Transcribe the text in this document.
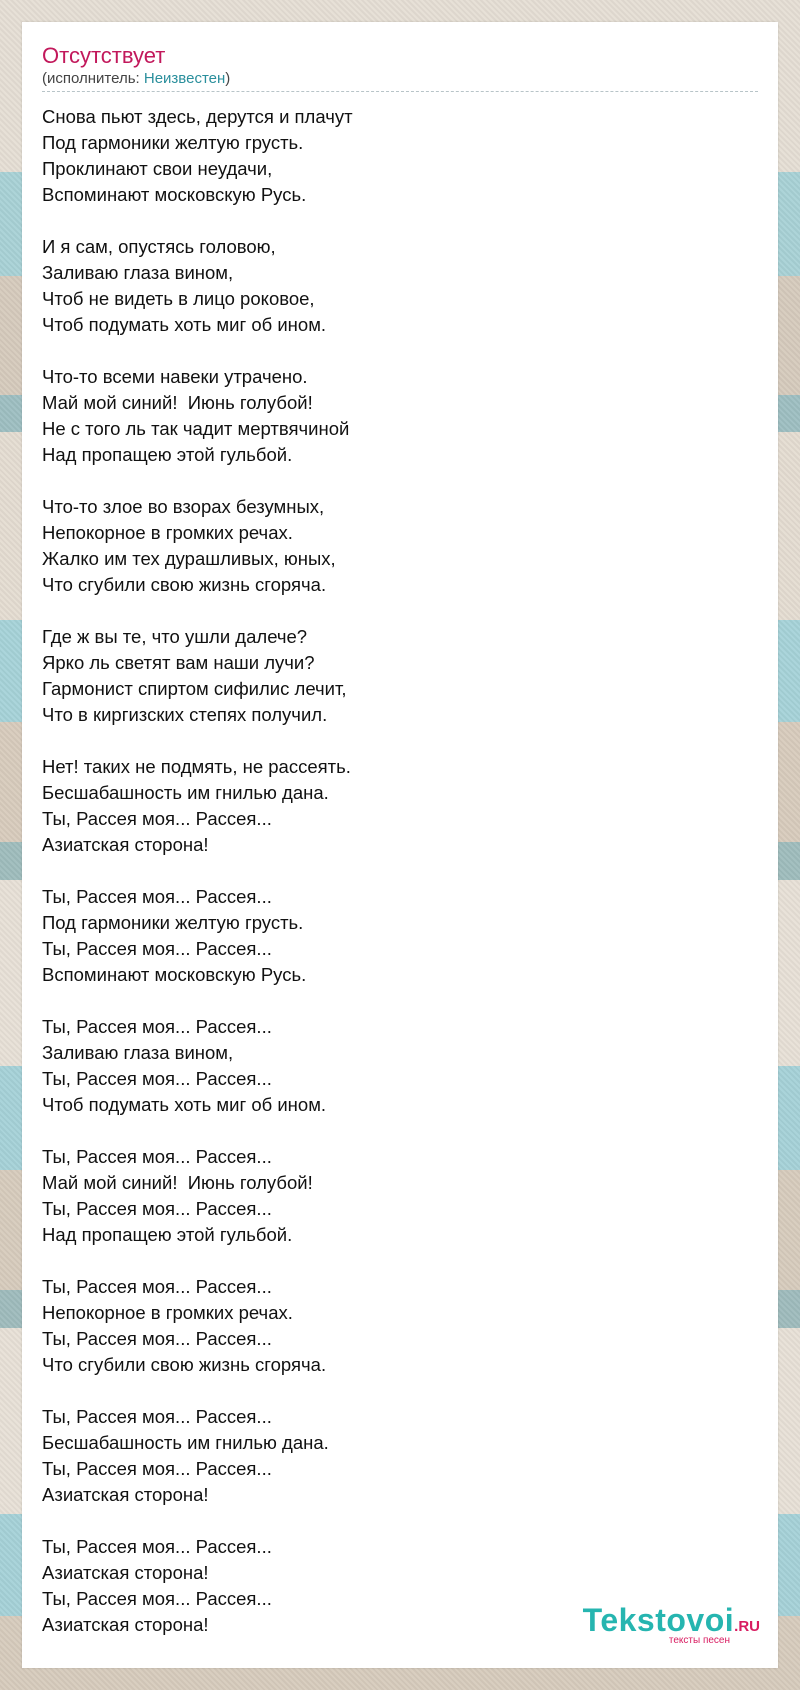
Отсутствует
(исполнитель: Неизвестен)
Снова пьют здесь, дерутся и плачут
Под гармоники желтую грусть.
Проклинают свои неудачи,
Вспоминают московскую Русь.
И я сам, опустясь головою,
Заливаю глаза вином,
Чтоб не видеть в лицо роковое,
Чтоб подумать хоть миг об ином.
Что-то всеми навеки утрачено.
Май мой синий!  Июнь голубой!
Не с того ль так чадит мертвячиной
Над пропащею этой гульбой.
Что-то злое во взорах безумных,
Непокорное в громких речах.
Жалко им тех дурашливых, юных,
Что сгубили свою жизнь сгоряча.
Где ж вы те, что ушли далече?
Ярко ль светят вам наши лучи?
Гармонист спиртом сифилис лечит,
Что в киргизских степях получил.
Нет! таких не подмять, не рассеять.
Бесшабашность им гнилью дана.
Ты, Рассея моя... Рассея...
Азиатская сторона!
Ты, Рассея моя... Рассея...
Под гармоники желтую грусть.
Ты, Рассея моя... Рассея...
Вспоминают московскую Русь.
Ты, Рассея моя... Рассея...
Заливаю глаза вином,
Ты, Рассея моя... Рассея...
Чтоб подумать хоть миг об ином.
Ты, Рассея моя... Рассея...
Май мой синий!  Июнь голубой!
Ты, Рассея моя... Рассея...
Над пропащею этой гульбой.
Ты, Рассея моя... Рассея...
Непокорное в громких речах.
Ты, Рассея моя... Рассея...
Что сгубили свою жизнь сгоряча.
Ты, Рассея моя... Рассея...
Бесшабашность им гнилью дана.
Ты, Рассея моя... Рассея...
Азиатская сторона!
Ты, Рассея моя... Рассея...
Азиатская сторона!
Ты, Рассея моя... Рассея...
Азиатская сторона!	Tekstovoi.RU
тексты песен
